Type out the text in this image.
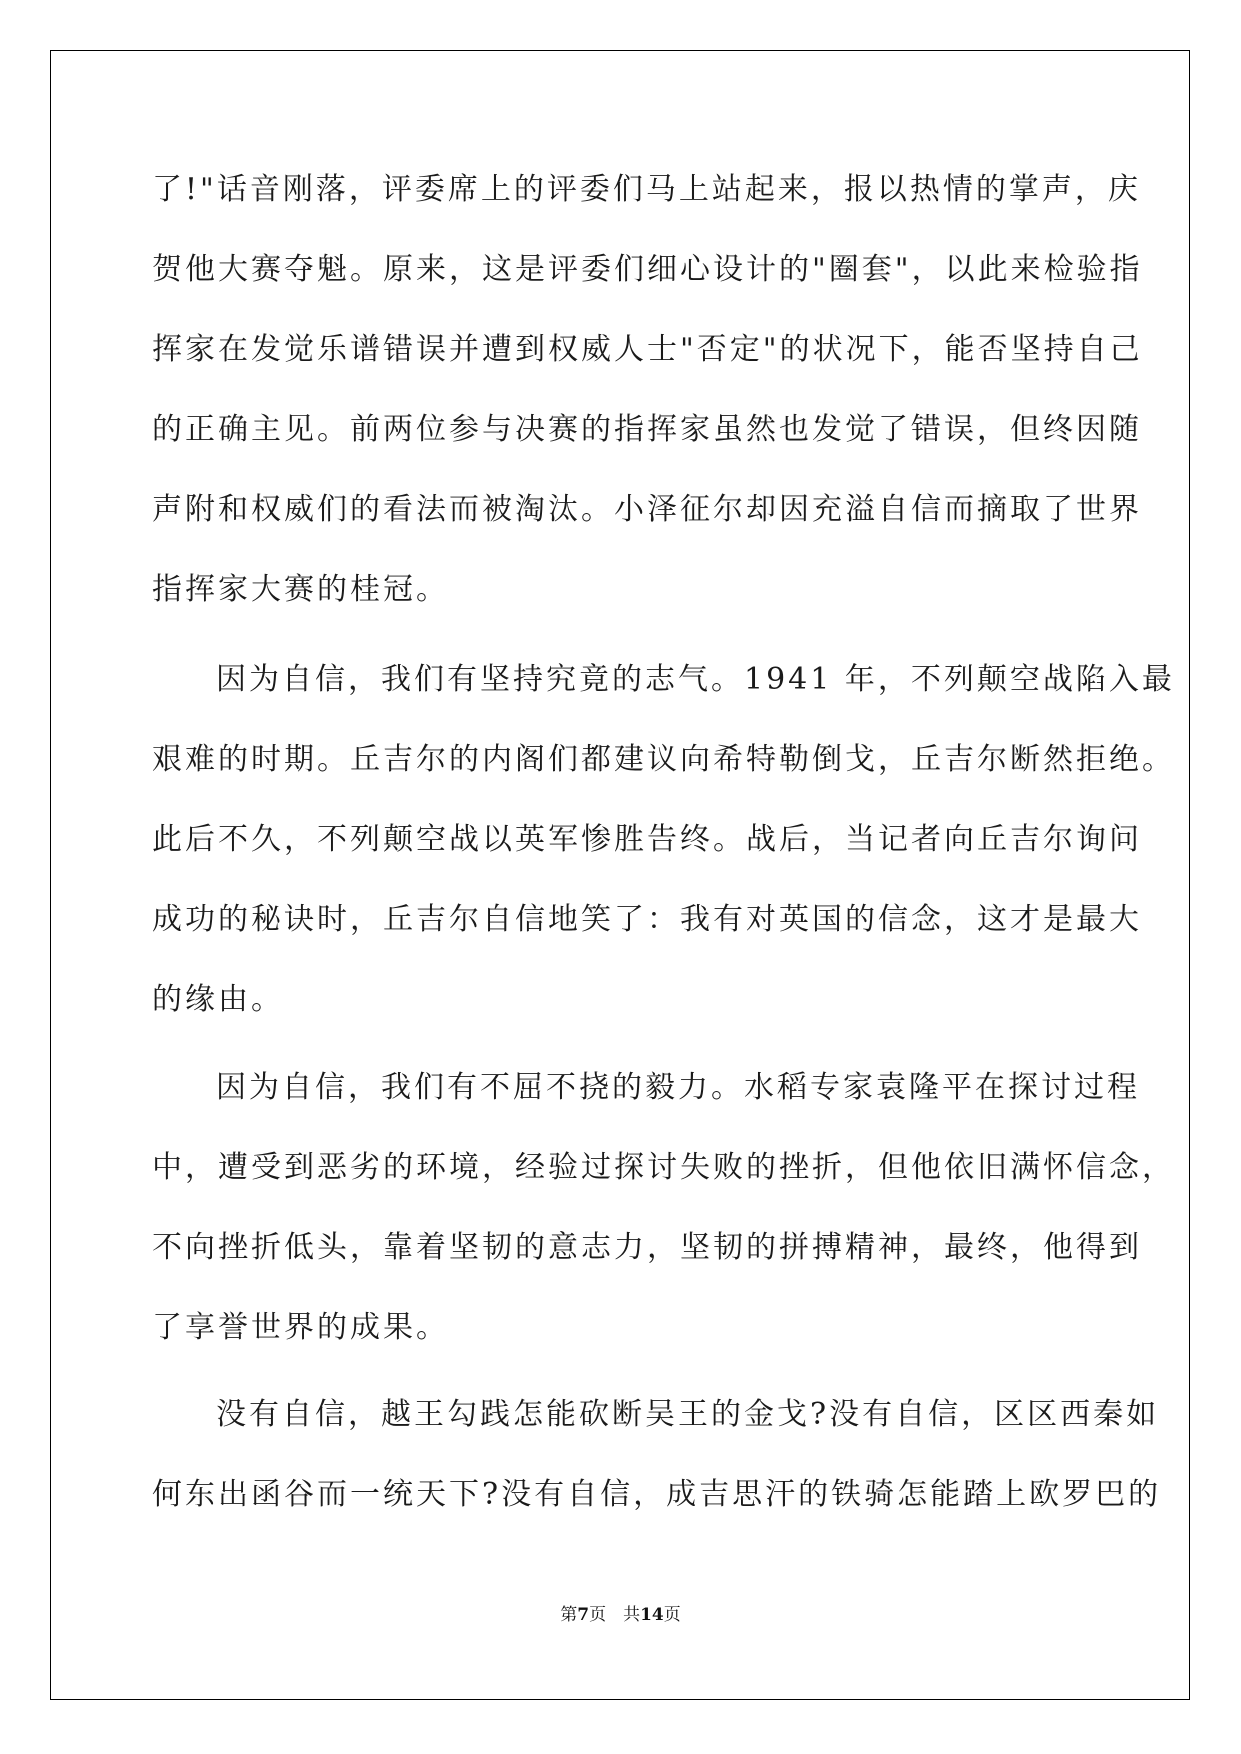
了!"话音刚落，评委席上的评委们马上站起来，报以热情的掌声，庆
贺他大赛夺魁。原来，这是评委们细心设计的"圈套"，以此来检验指
挥家在发觉乐谱错误并遭到权威人士"否定"的状况下，能否坚持自己
的正确主见。前两位参与决赛的指挥家虽然也发觉了错误，但终因随
声附和权威们的看法而被淘汰。小泽征尔却因充溢自信而摘取了世界
指挥家大赛的桂冠。
因为自信，我们有坚持究竟的志气。1941 年，不列颠空战陷入最
艰难的时期。丘吉尔的内阁们都建议向希特勒倒戈，丘吉尔断然拒绝。
此后不久，不列颠空战以英军惨胜告终。战后，当记者向丘吉尔询问
成功的秘诀时，丘吉尔自信地笑了：我有对英国的信念，这才是最大
的缘由。
因为自信，我们有不屈不挠的毅力。水稻专家袁隆平在探讨过程
中，遭受到恶劣的环境，经验过探讨失败的挫折，但他依旧满怀信念，
不向挫折低头，靠着坚韧的意志力，坚韧的拼搏精神，最终，他得到
了享誉世界的成果。
没有自信，越王勾践怎能砍断吴王的金戈?没有自信，区区西秦如
何东出函谷而一统天下?没有自信，成吉思汗的铁骑怎能踏上欧罗巴的
第7页　共14页
